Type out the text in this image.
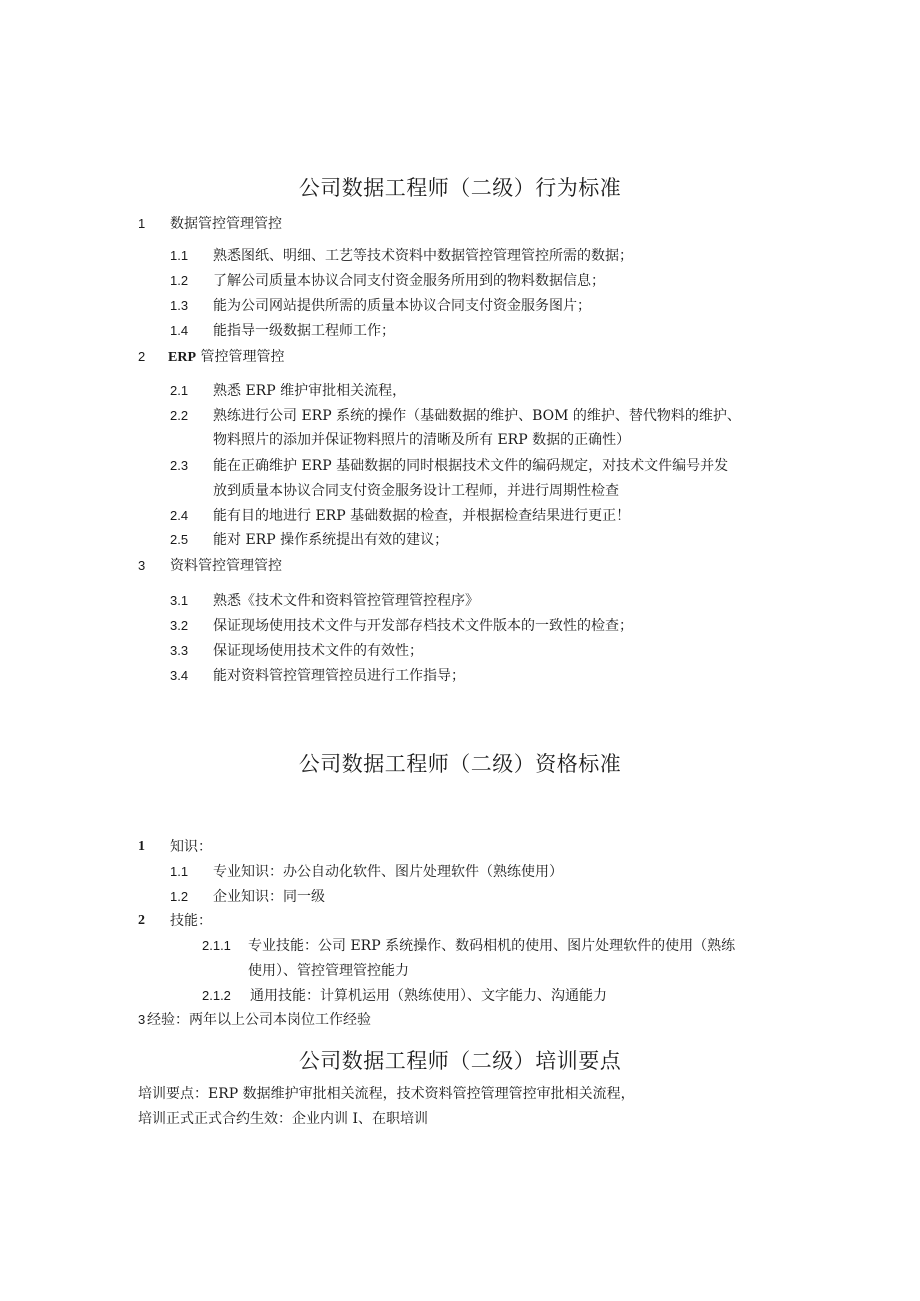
公司数据工程师（二级）行为标准
1 数据管控管理管控
1.1 熟悉图纸、明细、工艺等技术资料中数据管控管理管控所需的数据；
1.2 了解公司质量本协议合同支付资金服务所用到的物料数据信息；
1.3 能为公司网站提供所需的质量本协议合同支付资金服务图片；
1.4 能指导一级数据工程师工作；
2 ERP 管控管理管控
2.1 熟悉 ERP 维护审批相关流程，
2.2 熟练进行公司 ERP 系统的操作（基础数据的维护、BOM 的维护、替代物料的维护、
物料照片的添加并保证物料照片的清晰及所有 ERP 数据的正确性）
2.3 能在正确维护 ERP 基础数据的同时根据技术文件的编码规定，对技术文件编号并发
放到质量本协议合同支付资金服务设计工程师，并进行周期性检查
2.4 能有目的地进行 ERP 基础数据的检查，并根据检查结果进行更正！
2.5 能对 ERP 操作系统提出有效的建议；
3 资料管控管理管控
3.1 熟悉《技术文件和资料管控管理管控程序》
3.2 保证现场使用技术文件与开发部存档技术文件版本的一致性的检查；
3.3 保证现场使用技术文件的有效性；
3.4 能对资料管控管理管控员进行工作指导；
公司数据工程师（二级）资格标准
1 知识：
1.1 专业知识：办公自动化软件、图片处理软件（熟练使用）
1.2 企业知识：同一级
2 技能：
2.1.1 专业技能：公司 ERP 系统操作、数码相机的使用、图片处理软件的使用（熟练
使用）、管控管理管控能力
2.1.2 通用技能：计算机运用（熟练使用）、文字能力、沟通能力
3 经验：两年以上公司本岗位工作经验
公司数据工程师（二级）培训要点
培训要点：ERP 数据维护审批相关流程，技术资料管控管理管控审批相关流程，
培训正式正式合约生效：企业内训 I、在职培训
